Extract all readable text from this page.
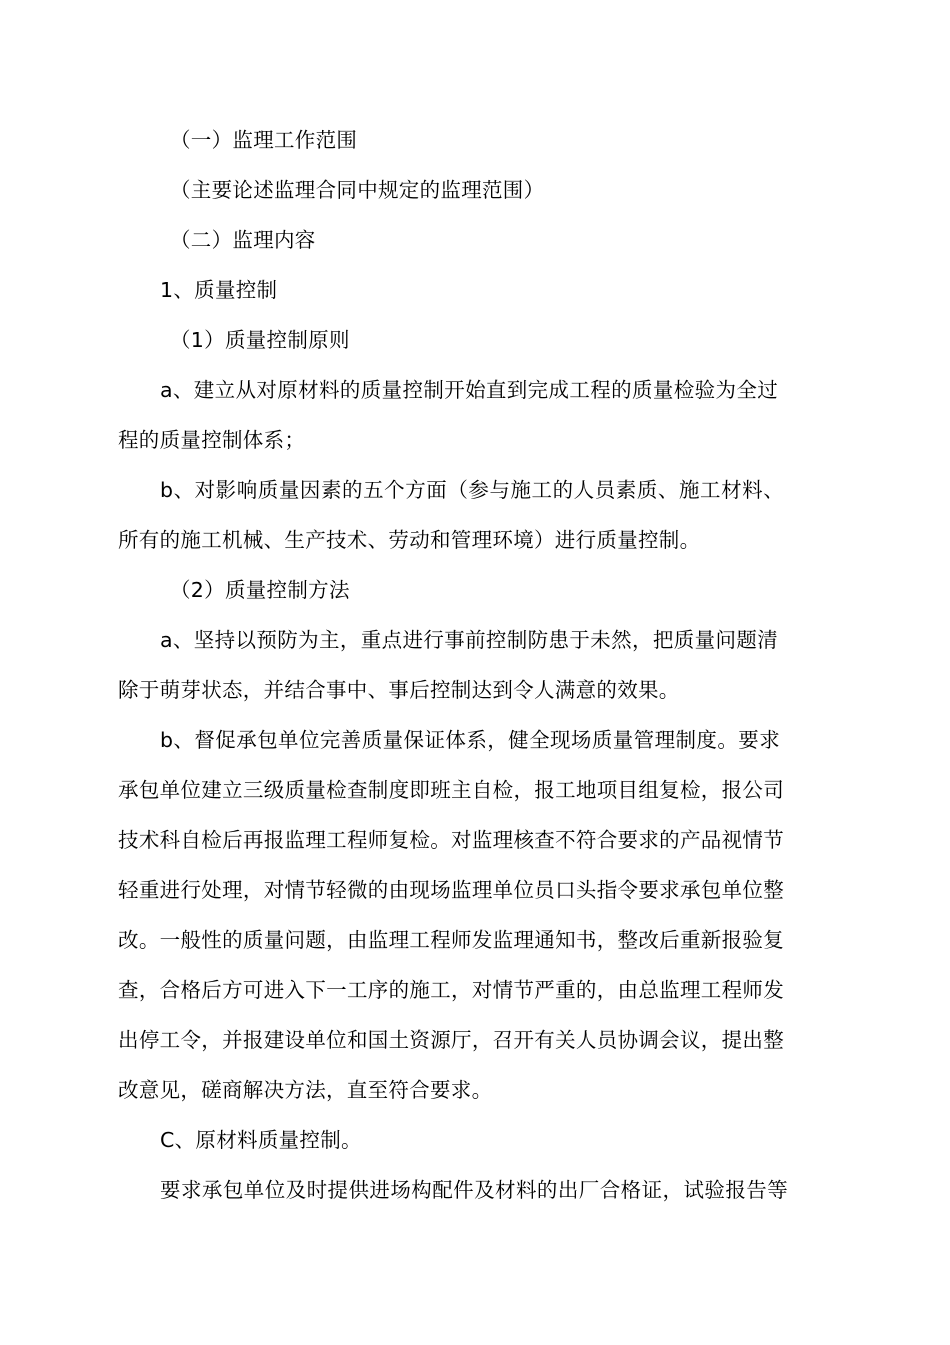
（一）监理工作范围
（主要论述监理合同中规定的监理范围）
（二）监理内容
1、质量控制
（1）质量控制原则
a、建立从对原材料的质量控制开始直到完成工程的质量检验为全过
程的质量控制体系；
b、对影响质量因素的五个方面（参与施工的人员素质、施工材料、
所有的施工机械、生产技术、劳动和管理环境）进行质量控制。
（2）质量控制方法
a、坚持以预防为主，重点进行事前控制防患于未然，把质量问题清
除于萌芽状态，并结合事中、事后控制达到令人满意的效果。
b、督促承包单位完善质量保证体系，健全现场质量管理制度。要求
承包单位建立三级质量检查制度即班主自检，报工地项目组复检，报公司
技术科自检后再报监理工程师复检。对监理核查不符合要求的产品视情节
轻重进行处理，对情节轻微的由现场监理单位员口头指令要求承包单位整
改。一般性的质量问题，由监理工程师发监理通知书，整改后重新报验复
查，合格后方可进入下一工序的施工，对情节严重的，由总监理工程师发
出停工令，并报建设单位和国土资源厅，召开有关人员协调会议，提出整
改意见，磋商解决方法，直至符合要求。
C、原材料质量控制。
要求承包单位及时提供进场构配件及材料的出厂合格证，试验报告等
